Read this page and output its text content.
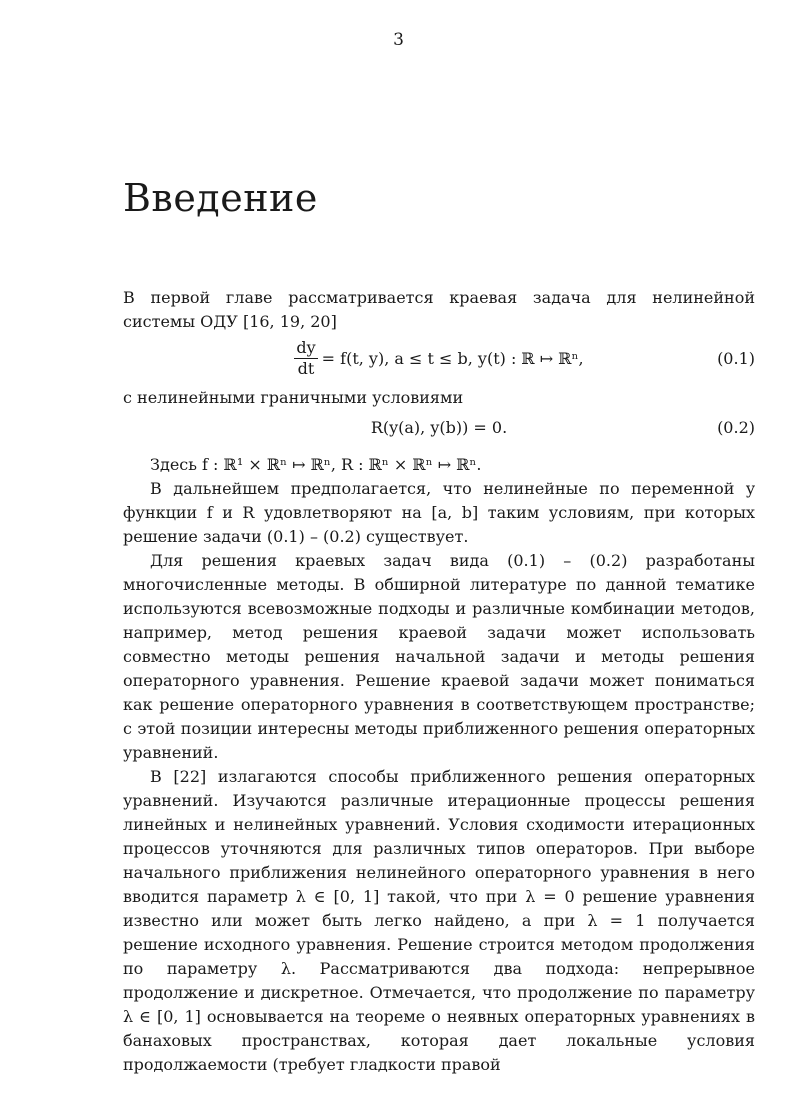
3
Введение

В первой главе рассматривается краевая задача для нелинейной системы ОДУ [16, 19, 20]

$\frac{dy}{dt} = f(t$, y), a ≤ t ≤ b, y(t) : ℝ ↦ ℝⁿ,	(0.1)

с нелинейными граничными условиями

R(y(a), y(b)) = 0.	(0.2)

Здесь f : ℝ¹ × ℝⁿ ↦ ℝⁿ, R : ℝⁿ × ℝⁿ ↦ ℝⁿ.

В дальнейшем предполагается, что нелинейные по переменной y функции f и R удовлетворяют на [a, b] таким условиям, при которых решение задачи (0.1) – (0.2) существует.

Для решения краевых задач вида (0.1) – (0.2) разработаны многочисленные методы. В обширной литературе по данной тематике используются всевозможные подходы и различные комбинации методов, например, метод решения краевой задачи может использовать совместно методы решения начальной задачи и методы решения операторного уравнения. Решение краевой задачи может пониматься как решение операторного уравнения в соответствующем пространстве; с этой позиции интересны методы приближенного решения операторных уравнений.

В [22] излагаются способы приближенного решения операторных уравнений. Изучаются различные итерационные процессы решения линейных и нелинейных уравнений. Условия сходимости итерационных процессов уточняются для различных типов операторов. При выборе начального приближения нелинейного операторного уравнения в него вводится параметр λ ∈ [0, 1] такой, что при λ = 0 решение уравнения известно или может быть легко найдено, а при λ = 1 получается решение исходного уравнения. Решение строится методом продолжения по параметру λ. Рассматриваются два подхода: непрерывное продолжение и дискретное. Отмечается, что продолжение по параметру λ ∈ [0, 1] основывается на теореме о неявных операторных уравнениях в банаховых пространствах, которая дает локальные условия продолжаемости (требует гладкости правой
